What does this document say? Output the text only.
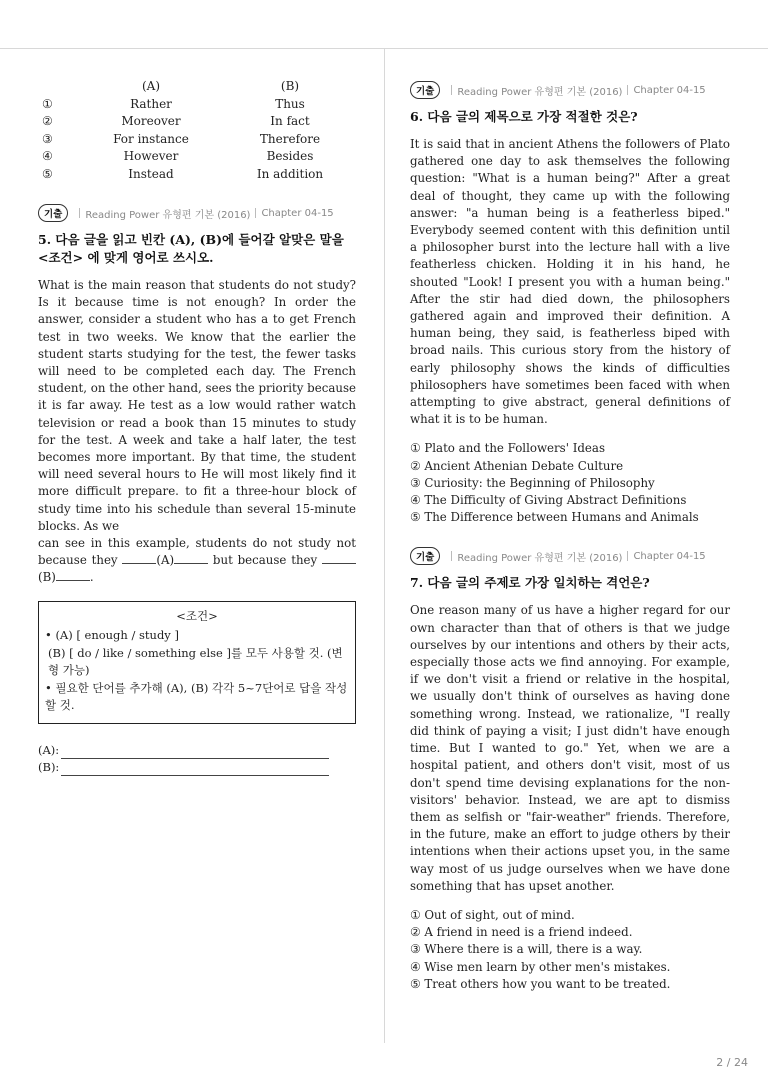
	(A)	(B)
①	Rather	Thus
②	Moreover	In fact
③	For instance	Therefore
④	However	Besides
⑤	Instead	In addition
기출	Reading Power 유형편 기본 (2016) Chapter 04-15
5. 다음 글을 읽고 빈칸 (A), (B)에 들어갈 알맞은 말을 <조건> 에 맞게 영어로 쓰시오.

What is the main reason that students do not study? Is it because time is not enough? In order the answer, consider a student who has a to get French test in two weeks. We know that the earlier the student starts studying for the test, the fewer tasks will need to be completed each day. The French student, on the other hand, sees the priority because it is far away. He test as a low would rather watch television or read a book than 15 minutes to study for the test. A week and take a half later, the test becomes more important. By that time, the student will need several hours to He will most likely find it more difficult prepare. to fit a three-hour block of study time into his schedule than several 15-minute blocks. As we
can see in this example, students do not study not because they	(A)	but because they (B)	.

<조건>
• (A) [ enough / study ]
(B) [ do / like / something else ]를 모두 사용할 것. (변형 가능)
• 필요한 단어를 추가해 (A), (B) 각각 5~7단어로 답을 작성할 것.
(A):
(B):
기출	Reading Power 유형편 기본 (2016) Chapter 04-15
6. 다음 글의 제목으로 가장 적절한 것은?

It is said that in ancient Athens the followers of Plato gathered one day to ask themselves the following question: "What is a human being?" After a great deal of thought, they came up with the following answer: "a human being is a featherless biped." Everybody seemed content with this definition until a philosopher burst into the lecture hall with a live featherless chicken. Holding it in his hand, he shouted "Look! I present you with a human being." After the stir had died down, the philosophers gathered again and improved their definition. A human being, they said, is featherless biped with broad nails. This curious story from the history of early philosophy shows the kinds of difficulties philosophers have sometimes been faced with when attempting to give abstract, general definitions of what it is to be human.

① Plato and the Followers' Ideas
② Ancient Athenian Debate Culture
③ Curiosity: the Beginning of Philosophy
④ The Difficulty of Giving Abstract Definitions
⑤ The Difference between Humans and Animals
기출	Reading Power 유형편 기본 (2016) Chapter 04-15
7. 다음 글의 주제로 가장 일치하는 격언은?

One reason many of us have a higher regard for our own character than that of others is that we judge ourselves by our intentions and others by their acts, especially those acts we find annoying. For example, if we don't visit a friend or relative in the hospital, we usually don't think of ourselves as having done something wrong. Instead, we rationalize, "I really did think of paying a visit; I just didn't have enough time. But I wanted to go." Yet, when we are a hospital patient, and others don't visit, most of us don't spend time devising explanations for the non-visitors' behavior. Instead, we are apt to dismiss them as selfish or "fair-weather" friends. Therefore, in the future, make an effort to judge others by their intentions when their actions upset you, in the same way most of us judge ourselves when we have done something that has upset another.

① Out of sight, out of mind.
② A friend in need is a friend indeed.
③ Where there is a will, there is a way.
④ Wise men learn by other men's mistakes.
⑤ Treat others how you want to be treated.
2 / 24
